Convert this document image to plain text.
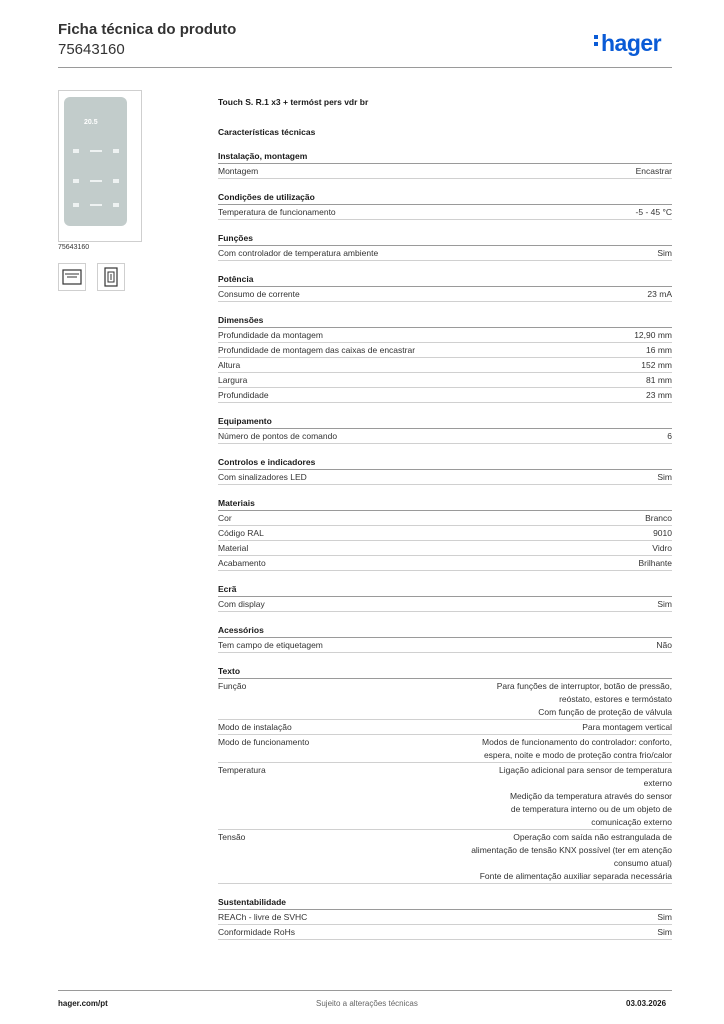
Ficha técnica do produto
75643160	hager
20.5
75643160
Touch S. R.1 x3 + termóst pers vdr br
Características técnicas
Instalação, montagem
Montagem	Encastrar
Condições de utilização
Temperatura de funcionamento	-5 - 45 °C
Funções
Com controlador de temperatura ambiente	Sim
Potência
Consumo de corrente	23 mA
Dimensões
Profundidade da montagem	12,90 mm
Profundidade de montagem das caixas de encastrar	16 mm
Altura	152 mm
Largura	81 mm
Profundidade	23 mm
Equipamento
Número de pontos de comando	6
Controlos e indicadores
Com sinalizadores LED	Sim
Materiais
Cor	Branco
Código RAL	9010
Material	Vidro
Acabamento	Brilhante
Ecrã
Com display	Sim
Acessórios
Tem campo de etiquetagem	Não
Texto
Função	Para funções de interruptor, botão de pressão,
reóstato, estores e termóstato
Com função de proteção de válvula
Modo de instalação	Para montagem vertical
Modo de funcionamento	Modos de funcionamento do controlador: conforto,
espera, noite e modo de proteção contra frio/calor
Temperatura	Ligação adicional para sensor de temperatura
externo
Medição da temperatura através do sensor
de temperatura interno ou de um objeto de
comunicação externo
Tensão	Operação com saída não estrangulada de
alimentação de tensão KNX possível (ter em atenção
consumo atual)
Fonte de alimentação auxiliar separada necessária
Sustentabilidade
REACh - livre de SVHC	Sim
Conformidade RoHs	Sim
hager.com/pt	Sujeito a alterações técnicas	03.03.2026
